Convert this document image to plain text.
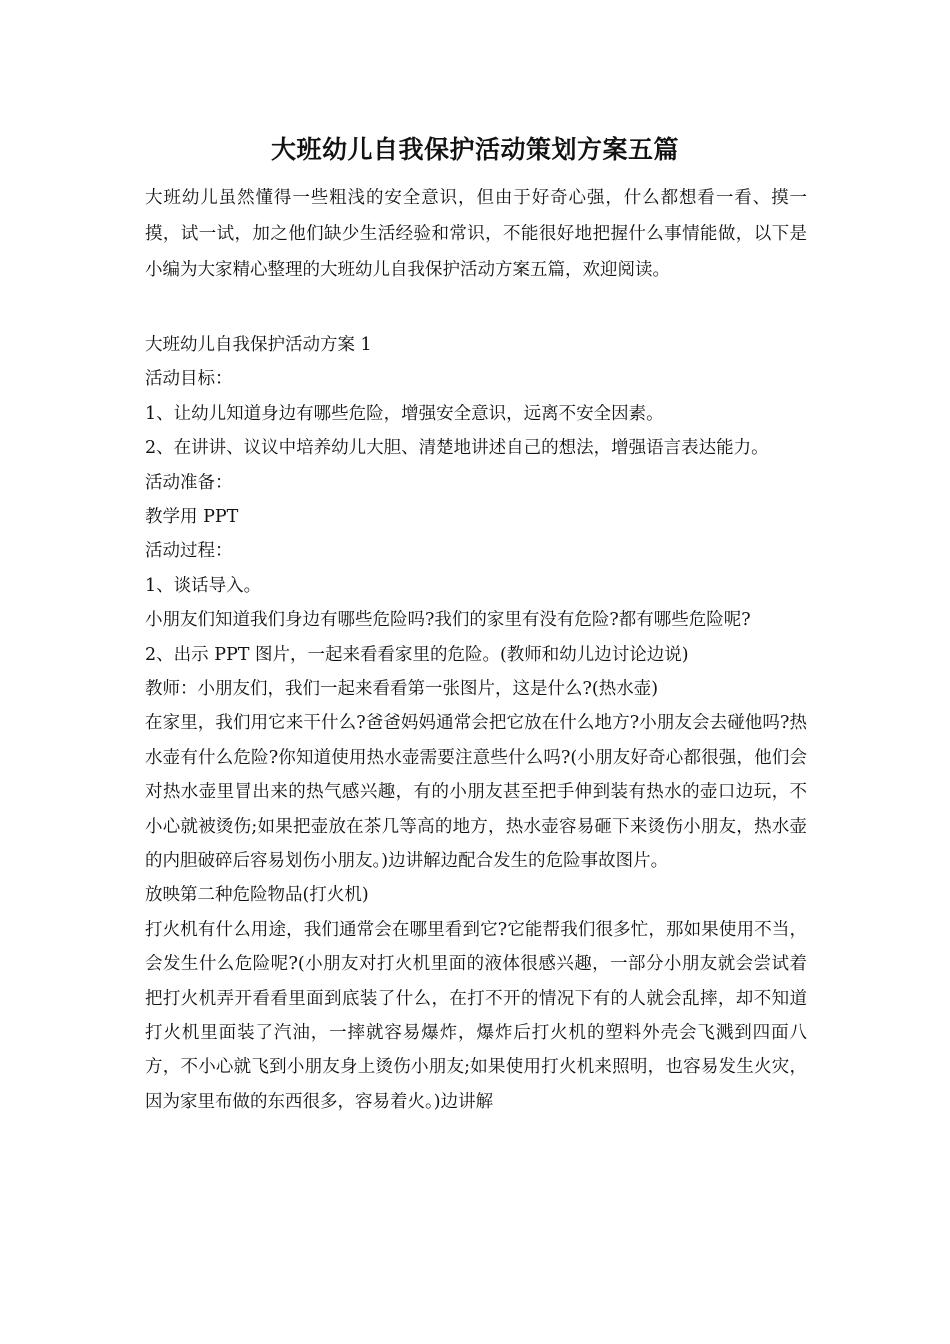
大班幼儿自我保护活动策划方案五篇
大班幼儿虽然懂得一些粗浅的安全意识，但由于好奇心强，什么都想看一看、摸一摸，试一试，加之他们缺少生活经验和常识，不能很好地把握什么事情能做，以下是小编为大家精心整理的大班幼儿自我保护活动方案五篇，欢迎阅读。
大班幼儿自我保护活动方案 1
活动目标：
1、让幼儿知道身边有哪些危险，增强安全意识，远离不安全因素。
2、在讲讲、议议中培养幼儿大胆、清楚地讲述自己的想法，增强语言表达能力。
活动准备：
教学用 PPT
活动过程：
1、谈话导入。
小朋友们知道我们身边有哪些危险吗?我们的家里有没有危险?都有哪些危险呢?
2、出示 PPT 图片，一起来看看家里的危险。(教师和幼儿边讨论边说)
教师：小朋友们，我们一起来看看第一张图片，这是什么?(热水壶)
在家里，我们用它来干什么?爸爸妈妈通常会把它放在什么地方?小朋友会去碰他吗?热水壶有什么危险?你知道使用热水壶需要注意些什么吗?(小朋友好奇心都很强，他们会对热水壶里冒出来的热气感兴趣，有的小朋友甚至把手伸到装有热水的壶口边玩，不小心就被烫伤;如果把壶放在茶几等高的地方，热水壶容易砸下来烫伤小朋友，热水壶的内胆破碎后容易划伤小朋友。)边讲解边配合发生的危险事故图片。
放映第二种危险物品(打火机)
打火机有什么用途，我们通常会在哪里看到它?它能帮我们很多忙，那如果使用不当，会发生什么危险呢?(小朋友对打火机里面的液体很感兴趣，一部分小朋友就会尝试着把打火机弄开看看里面到底装了什么，在打不开的情况下有的人就会乱摔，却不知道打火机里面装了汽油，一摔就容易爆炸，爆炸后打火机的塑料外壳会飞溅到四面八方，不小心就飞到小朋友身上烫伤小朋友;如果使用打火机来照明，也容易发生火灾，因为家里布做的东西很多，容易着火。)边讲解
